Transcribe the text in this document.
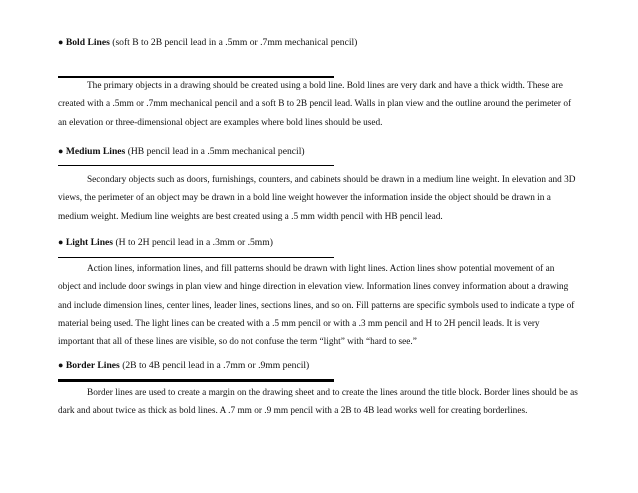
● Bold Lines (soft B to 2B pencil lead in a .5mm or .7mm mechanical pencil)

The primary objects in a drawing should be created using a bold line. Bold lines are very dark and have a thick width. These are created with a .5mm or .7mm mechanical pencil and a soft B to 2B pencil lead. Walls in plan view and the outline around the perimeter of an elevation or three-dimensional object are examples where bold lines should be used.

● Medium Lines (HB pencil lead in a .5mm mechanical pencil)

Secondary objects such as doors, furnishings, counters, and cabinets should be drawn in a medium line weight. In elevation and 3D views, the perimeter of an object may be drawn in a bold line weight however the information inside the object should be drawn in a medium weight. Medium line weights are best created using a .5 mm width pencil with HB pencil lead.

● Light Lines (H to 2H pencil lead in a .3mm or .5mm)

Action lines, information lines, and fill patterns should be drawn with light lines. Action lines show potential movement of an object and include door swings in plan view and hinge direction in elevation view. Information lines convey information about a drawing and include dimension lines, center lines, leader lines, sections lines, and so on. Fill patterns are specific symbols used to indicate a type of material being used. The light lines can be created with a .5 mm pencil or with a .3 mm pencil and H to 2H pencil leads. It is very important that all of these lines are visible, so do not confuse the term “light” with “hard to see.”

● Border Lines (2B to 4B pencil lead in a .7mm or .9mm pencil)

Border lines are used to create a margin on the drawing sheet and to create the lines around the title block. Border lines should be as dark and about twice as thick as bold lines. A .7 mm or .9 mm pencil with a 2B to 4B lead works well for creating borderlines.
